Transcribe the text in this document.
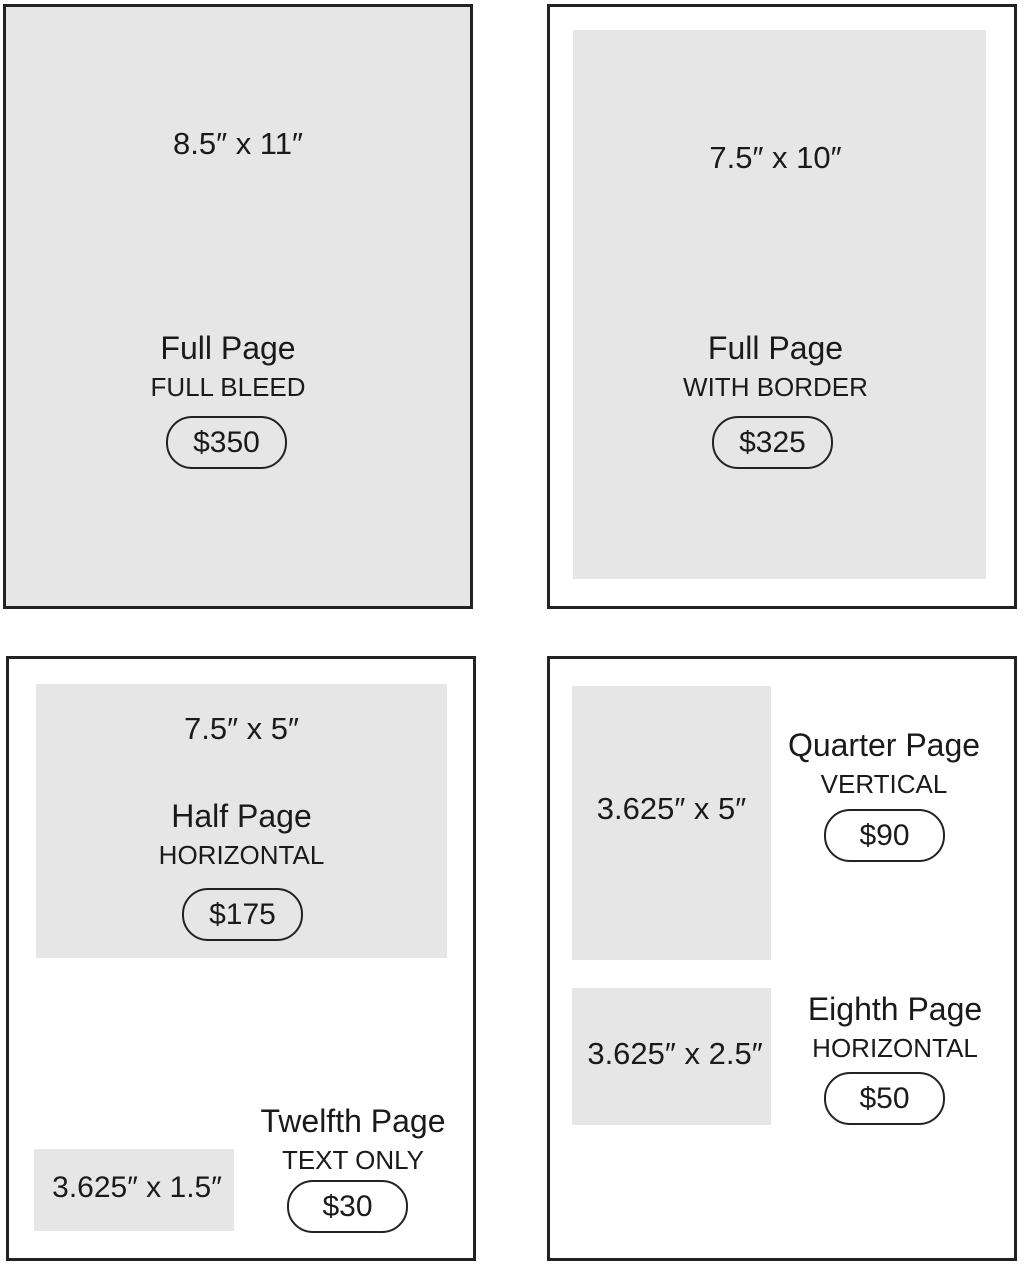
8.5″ x 11″
Full Page
FULL BLEED
$350
7.5″ x 10″
Full Page
WITH BORDER
$325
7.5″ x 5″
Half Page
HORIZONTAL
$175
3.625″ x 1.5″
Twelfth Page
TEXT ONLY
$30
3.625″ x 5″
Quarter Page
VERTICAL
$90
3.625″ x 2.5″
Eighth Page
HORIZONTAL
$50
